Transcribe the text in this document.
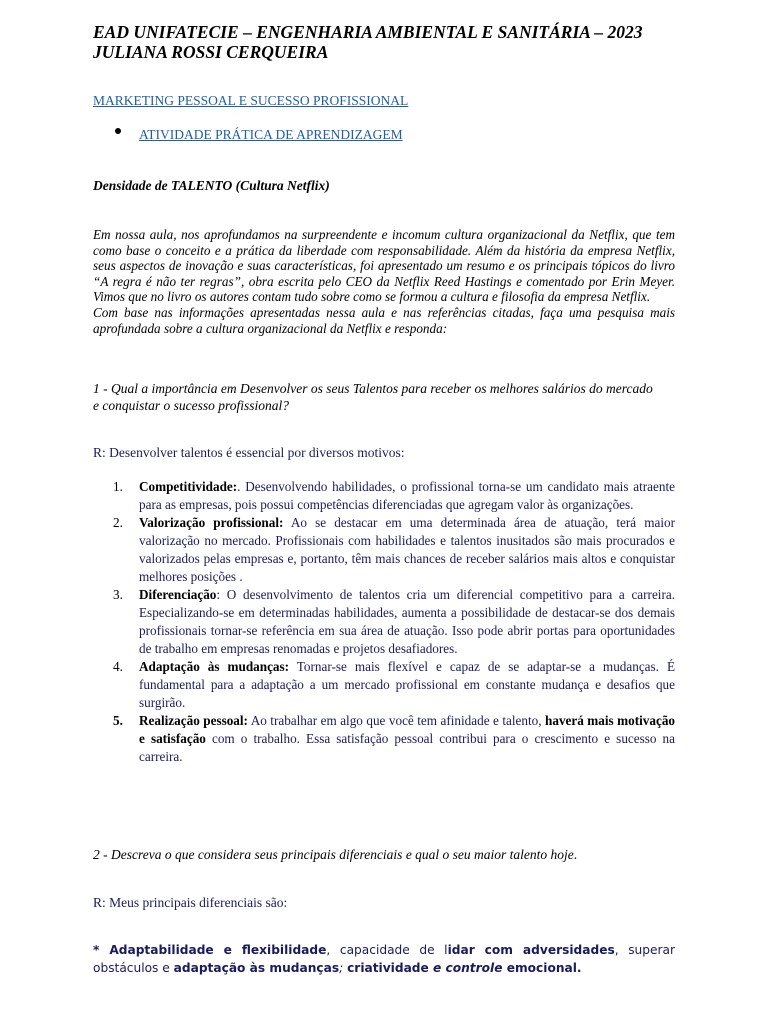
EAD UNIFATECIE – ENGENHARIA AMBIENTAL E SANITÁRIA – 2023
JULIANA ROSSI CERQUEIRA
MARKETING PESSOAL E SUCESSO PROFISSIONAL
ATIVIDADE PRÁTICA DE APRENDIZAGEM
Densidade de TALENTO (Cultura Netflix)

Em nossa aula, nos aprofundamos na surpreendente e incomum cultura organizacional da Netflix, que tem como base o conceito e a prática da liberdade com responsabilidade. Além da história da empresa Netflix, seus aspectos de inovação e suas características, foi apresentado um resumo e os principais tópicos do livro “A regra é não ter regras”, obra escrita pelo CEO da Netflix Reed Hastings e comentado por Erin Meyer. Vimos que no livro os autores contam tudo sobre como se formou a cultura e filosofia da empresa Netflix.

Com base nas informações apresentadas nessa aula e nas referências citadas, faça uma pesquisa mais aprofundada sobre a cultura organizacional da Netflix e responda:

1 - Qual a importância em Desenvolver os seus Talentos para receber os melhores salários do mercado e conquistar o sucesso profissional?
R: Desenvolver talentos é essencial por diversos motivos:
1. Competitividade:. Desenvolvendo habilidades, o profissional torna-se um candidato mais atraente para as empresas, pois possui competências diferenciadas que agregam valor às organizações.
2. Valorização profissional: Ao se destacar em uma determinada área de atuação, terá maior valorização no mercado. Profissionais com habilidades e talentos inusitados são mais procurados e valorizados pelas empresas e, portanto, têm mais chances de receber salários mais altos e conquistar melhores posições .
3. Diferenciação: O desenvolvimento de talentos cria um diferencial competitivo para a carreira. Especializando-se em determinadas habilidades, aumenta a possibilidade de destacar-se dos demais profissionais tornar-se referência em sua área de atuação. Isso pode abrir portas para oportunidades de trabalho em empresas renomadas e projetos desafiadores.
4. Adaptação às mudanças: Tornar-se mais flexível e capaz de se adaptar-se a mudanças. É fundamental para a adaptação a um mercado profissional em constante mudança e desafios que surgirão.
5. Realização pessoal: Ao trabalhar em algo que você tem afinidade e talento, haverá mais motivação e satisfação com o trabalho. Essa satisfação pessoal contribui para o crescimento e sucesso na carreira.
2 - Descreva o que considera seus principais diferenciais e qual o seu maior talento hoje.
R: Meus principais diferenciais são:
* Adaptabilidade e flexibilidade, capacidade de lidar com adversidades, superar obstáculos e adaptação às mudanças; criatividade e controle emocional.
